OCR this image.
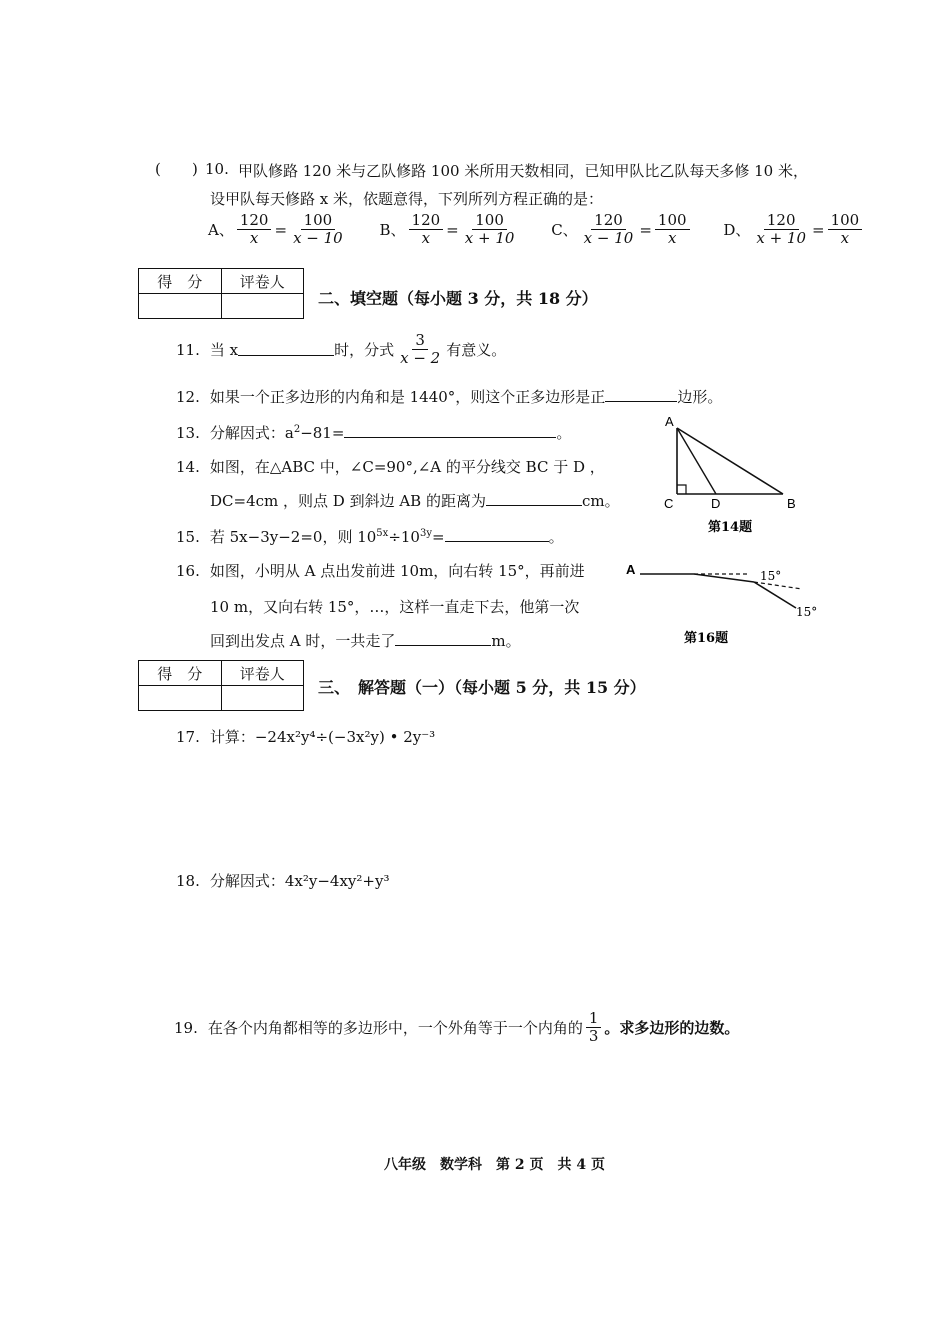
( ) 10. 甲队修路 120 米与乙队修路 100 米所用天数相同，已知甲队比乙队每天多修 10 米，
设甲队每天修路 x 米，依题意得，下列所列方程正确的是：
A、 $\frac{120}{x} = \frac{100}{x - 10}$
B、 $\frac{120}{x} = \frac{100}{x + 10}$
C、 $\frac{120}{x - 10} = \frac{100}{x}$
D、 $\frac{120}{x + 10} = \frac{100}{x}$
得　分	评卷人

二、填空题（每小题 3 分，共 18 分）
11. 当 x	时，分式 $\frac{3}{x - 2}$ 有意义。
12. 如果一个正多边形的内角和是 1440°，则这个正多边形是正	边形。
13. 分解因式：$a^2-81=$	。
14. 如图，在△ABC 中，∠C=90°,∠A 的平分线交 BC 于 D ，
DC=4cm ，则点 D 到斜边 AB 的距离为	cm。
A
C	D	B
第14题
15. 若 5x−3y−2=0，则 $10^{5x}\div 10^{3y}=$	。
16. 如图，小明从 A 点出发前进 10m，向右转 15°，再前进
10 m，又向右转 15°，…，这样一直走下去，他第一次
回到出发点 A 时，一共走了	m。
A	15°
15°
第16题
得　分	评卷人

三、　解答题（一）（每小题 5 分，共 15 分）
17. 计算：−24x²y⁴÷(−3x²y) • 2y⁻³
18. 分解因式：4x²y−4xy²+y³
19. 在各个内角都相等的多边形中，一个外角等于一个内角的 $\frac{1}{3}$ 。求多边形的边数。
八年级　数学科　第 2 页　共 4 页
